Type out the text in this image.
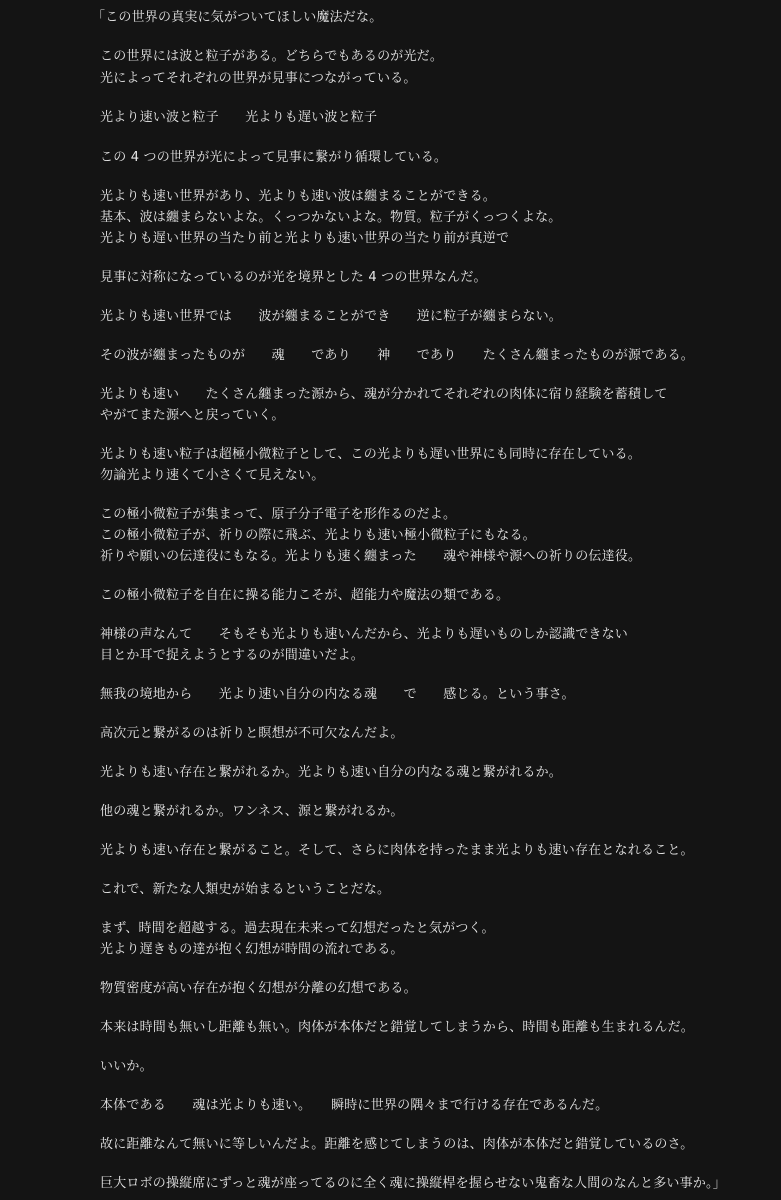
「この世界の真実に気がついてほしい魔法だな。
この世界には波と粒子がある。どちらでもあるのが光だ。
光によってそれぞれの世界が見事につながっている。
光より速い波と粒子　　光よりも遅い波と粒子
この 4 つの世界が光によって見事に繋がり循環している。
光よりも速い世界があり、光よりも速い波は纏まることができる。
基本、波は纏まらないよな。くっつかないよな。物質。粒子がくっつくよな。
光よりも遅い世界の当たり前と光よりも速い世界の当たり前が真逆で
見事に対称になっているのが光を境界とした 4 つの世界なんだ。
光よりも速い世界では　　波が纏まることができ　　逆に粒子が纏まらない。
その波が纏まったものが　　魂　　であり　　神　　であり　　たくさん纏まったものが源である。
光よりも速い　　たくさん纏まった源から、魂が分かれてそれぞれの肉体に宿り経験を蓄積して
やがてまた源へと戻っていく。
光よりも速い粒子は超極小微粒子として、この光よりも遅い世界にも同時に存在している。
勿論光より速くて小さくて見えない。
この極小微粒子が集まって、原子分子電子を形作るのだよ。
この極小微粒子が、祈りの際に飛ぶ、光よりも速い極小微粒子にもなる。
祈りや願いの伝達役にもなる。光よりも速く纏まった　　魂や神様や源への祈りの伝達役。
この極小微粒子を自在に操る能力こそが、超能力や魔法の類である。
神様の声なんて　　そもそも光よりも速いんだから、光よりも遅いものしか認識できない
目とか耳で捉えようとするのが間違いだよ。
無我の境地から　　光より速い自分の内なる魂　　で　　感じる。という事さ。
高次元と繋がるのは祈りと瞑想が不可欠なんだよ。
光よりも速い存在と繋がれるか。光よりも速い自分の内なる魂と繋がれるか。
他の魂と繋がれるか。ワンネス、源と繋がれるか。
光よりも速い存在と繋がること。そして、さらに肉体を持ったまま光よりも速い存在となれること。
これで、新たな人類史が始まるということだな。
まず、時間を超越する。過去現在未来って幻想だったと気がつく。
光より遅きもの達が抱く幻想が時間の流れである。
物質密度が高い存在が抱く幻想が分離の幻想である。
本来は時間も無いし距離も無い。肉体が本体だと錯覚してしまうから、時間も距離も生まれるんだ。
いいか。
本体である　　魂は光よりも速い。　　瞬時に世界の隅々まで行ける存在であるんだ。
故に距離なんて無いに等しいんだよ。距離を感じてしまうのは、肉体が本体だと錯覚しているのさ。
巨大ロボの操縦席にずっと魂が座ってるのに全く魂に操縦桿を握らせない鬼畜な人間のなんと多い事か。」
